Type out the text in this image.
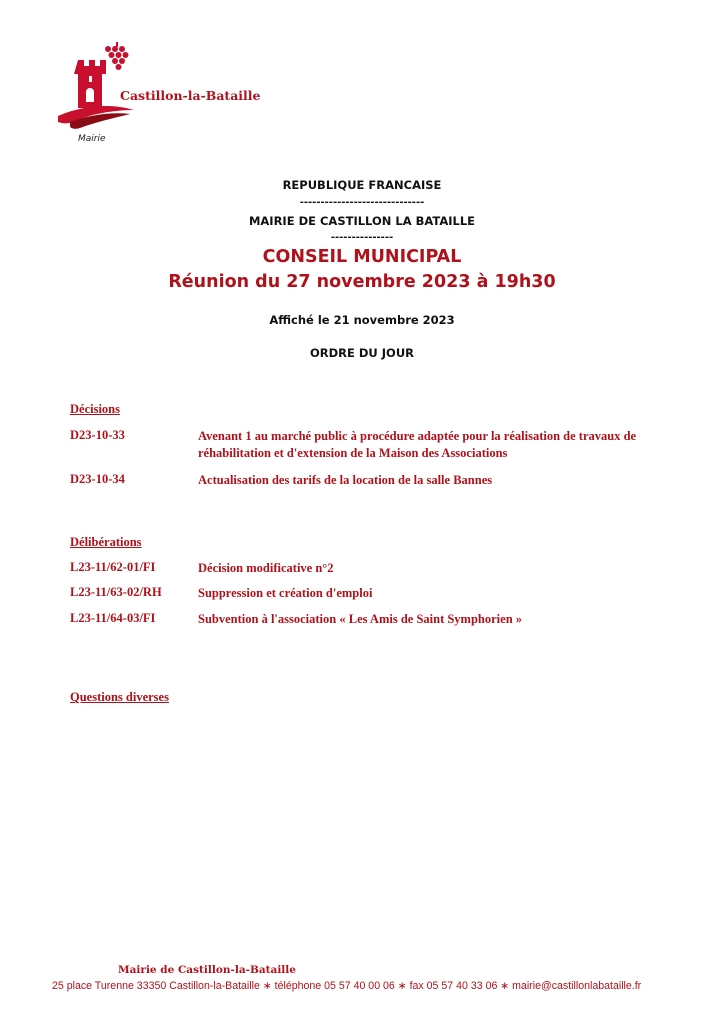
Castillon-la-Bataille
Mairie
REPUBLIQUE FRANCAISE
------------------------------
MAIRIE DE CASTILLON LA BATAILLE
---------------
CONSEIL MUNICIPAL
Réunion du 27 novembre 2023 à 19h30
Affiché le 21 novembre 2023
ORDRE DU JOUR
Décisions
D23-10-33	Avenant 1 au marché public à procédure adaptée pour la réalisation de travaux de réhabilitation et d'extension de la Maison des Associations
D23-10-34	Actualisation des tarifs de la location de la salle Bannes
Délibérations
L23-11/62-01/FI	Décision modificative n°2
L23-11/63-02/RH	Suppression et création d'emploi
L23-11/64-03/FI	Subvention à l'association « Les Amis de Saint Symphorien »
Questions diverses
Mairie de Castillon-la-Bataille
25 place Turenne 33350 Castillon-la-Bataille ∗ téléphone 05 57 40 00 06 ∗ fax 05 57 40 33 06 ∗ mairie@castillonlabataille.fr
